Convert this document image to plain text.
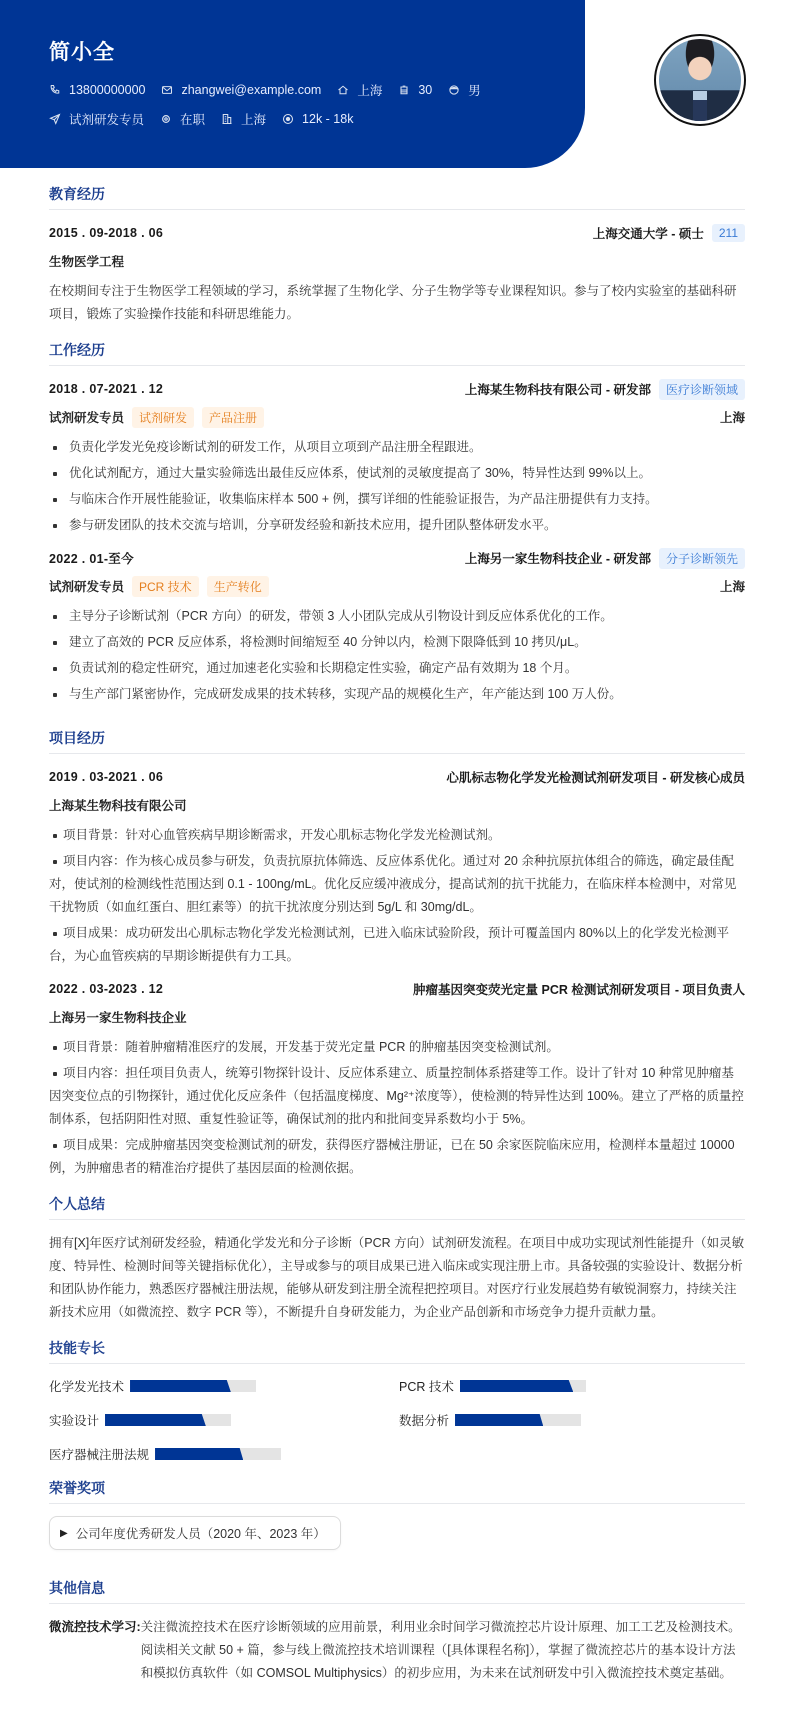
简小全
13800000000	zhangwei@example.com	上海	30	男
试剂研发专员	在职	上海	12k - 18k
教育经历
2015 . 09-2018 . 06	上海交通大学 - 硕士	211
生物医学工程
在校期间专注于生物医学工程领域的学习，系统掌握了生物化学、分子生物学等专业课程知识。参与了校内实验室的基础科研项目，锻炼了实验操作技能和科研思维能力。
工作经历
2018 . 07-2021 . 12	上海某生物科技有限公司 - 研发部	医疗诊断领域
试剂研发专员	试剂研发	产品注册	上海
负责化学发光免疫诊断试剂的研发工作，从项目立项到产品注册全程跟进。
优化试剂配方，通过大量实验筛选出最佳反应体系，使试剂的灵敏度提高了 30%，特异性达到 99%以上。
与临床合作开展性能验证，收集临床样本 500 + 例，撰写详细的性能验证报告，为产品注册提供有力支持。
参与研发团队的技术交流与培训，分享研发经验和新技术应用，提升团队整体研发水平。
2022 . 01-至今	上海另一家生物科技企业 - 研发部	分子诊断领先
试剂研发专员	PCR 技术	生产转化	上海
主导分子诊断试剂（PCR 方向）的研发，带领 3 人小团队完成从引物设计到反应体系优化的工作。
建立了高效的 PCR 反应体系，将检测时间缩短至 40 分钟以内，检测下限降低到 10 拷贝/μL。
负责试剂的稳定性研究，通过加速老化实验和长期稳定性实验，确定产品有效期为 18 个月。
与生产部门紧密协作，完成研发成果的技术转移，实现产品的规模化生产，年产能达到 100 万人份。
项目经历
2019 . 03-2021 . 06	心肌标志物化学发光检测试剂研发项目 - 研发核心成员
上海某生物科技有限公司
项目背景：针对心血管疾病早期诊断需求，开发心肌标志物化学发光检测试剂。
项目内容：作为核心成员参与研发，负责抗原抗体筛选、反应体系优化。通过对 20 余种抗原抗体组合的筛选，确定最佳配对，使试剂的检测线性范围达到 0.1 - 100ng/mL。优化反应缓冲液成分，提高试剂的抗干扰能力，在临床样本检测中，对常见干扰物质（如血红蛋白、胆红素等）的抗干扰浓度分别达到 5g/L 和 30mg/dL。
项目成果：成功研发出心肌标志物化学发光检测试剂，已进入临床试验阶段，预计可覆盖国内 80%以上的化学发光检测平台，为心血管疾病的早期诊断提供有力工具。
2022 . 03-2023 . 12	肿瘤基因突变荧光定量 PCR 检测试剂研发项目 - 项目负责人
上海另一家生物科技企业
项目背景：随着肿瘤精准医疗的发展，开发基于荧光定量 PCR 的肿瘤基因突变检测试剂。
项目内容：担任项目负责人，统筹引物探针设计、反应体系建立、质量控制体系搭建等工作。设计了针对 10 种常见肿瘤基因突变位点的引物探针，通过优化反应条件（包括温度梯度、Mg²⁺浓度等），使检测的特异性达到 100%。建立了严格的质量控制体系，包括阴阳性对照、重复性验证等，确保试剂的批内和批间变异系数均小于 5%。
项目成果：完成肿瘤基因突变检测试剂的研发，获得医疗器械注册证，已在 50 余家医院临床应用，检测样本量超过 10000 例，为肿瘤患者的精准治疗提供了基因层面的检测依据。
个人总结
拥有[X]年医疗试剂研发经验，精通化学发光和分子诊断（PCR 方向）试剂研发流程。在项目中成功实现试剂性能提升（如灵敏度、特异性、检测时间等关键指标优化），主导或参与的项目成果已进入临床或实现注册上市。具备较强的实验设计、数据分析和团队协作能力，熟悉医疗器械注册法规，能够从研发到注册全流程把控项目。对医疗行业发展趋势有敏锐洞察力，持续关注新技术应用（如微流控、数字 PCR 等），不断提升自身研发能力，为企业产品创新和市场竞争力提升贡献力量。
技能专长
化学发光技术	PCR 技术
实验设计	数据分析
医疗器械注册法规
荣誉奖项
▶ 公司年度优秀研发人员（2020 年、2023 年）
其他信息
微流控技术学习: 关注微流控技术在医疗诊断领域的应用前景，利用业余时间学习微流控芯片设计原理、加工工艺及检测技术。阅读相关文献 50 + 篇，参与线上微流控技术培训课程（[具体课程名称]），掌握了微流控芯片的基本设计方法和模拟仿真软件（如 COMSOL Multiphysics）的初步应用，为未来在试剂研发中引入微流控技术奠定基础。
